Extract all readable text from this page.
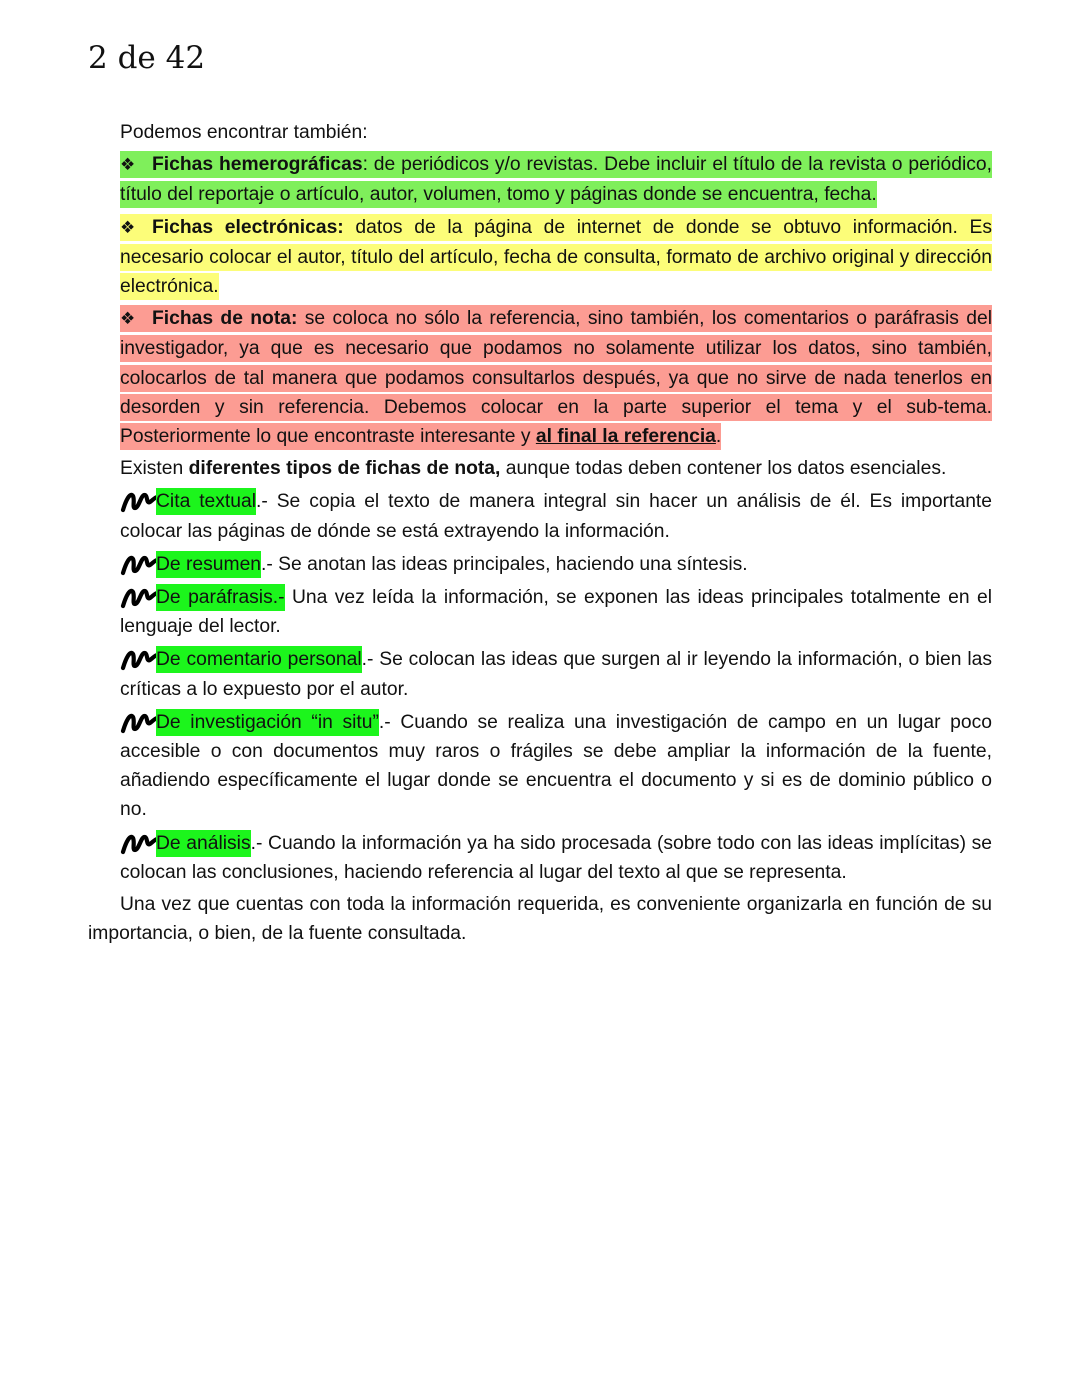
2 de 42

Podemos encontrar también:

❖ Fichas hemerográficas: de periódicos y/o revistas. Debe incluir el título de la revista o periódico, título del reportaje o artículo, autor, volumen, tomo y páginas donde se encuentra, fecha.

❖ Fichas electrónicas: datos de la página de internet de donde se obtuvo información. Es necesario colocar el autor, título del artículo, fecha de consulta, formato de archivo original y dirección electrónica.

❖ Fichas de nota: se coloca no sólo la referencia, sino también, los comentarios o paráfrasis del investigador, ya que es necesario que podamos no solamente utilizar los datos, sino también, colocarlos de tal manera que podamos consultarlos después, ya que no sirve de nada tenerlos en desorden y sin referencia. Debemos colocar en la parte superior el tema y el sub-tema. Posteriormente lo que encontraste interesante y al final la referencia.

Existen diferentes tipos de fichas de nota, aunque todas deben contener los datos esenciales.

Cita textual.- Se copia el texto de manera integral sin hacer un análisis de él. Es importante colocar las páginas de dónde se está extrayendo la información.

De resumen.- Se anotan las ideas principales, haciendo una síntesis.

De paráfrasis.- Una vez leída la información, se exponen las ideas principales totalmente en el lenguaje del lector.

De comentario personal.- Se colocan las ideas que surgen al ir leyendo la información, o bien las críticas a lo expuesto por el autor.

De investigación “in situ”.- Cuando se realiza una investigación de campo en un lugar poco accesible o con documentos muy raros o frágiles se debe ampliar la información de la fuente, añadiendo específicamente el lugar donde se encuentra el documento y si es de dominio público o no.

De análisis.- Cuando la información ya ha sido procesada (sobre todo con las ideas implícitas) se colocan las conclusiones, haciendo referencia al lugar del texto al que se representa.

Una vez que cuentas con toda la información requerida, es conveniente organizarla en función de su importancia, o bien, de la fuente consultada.
